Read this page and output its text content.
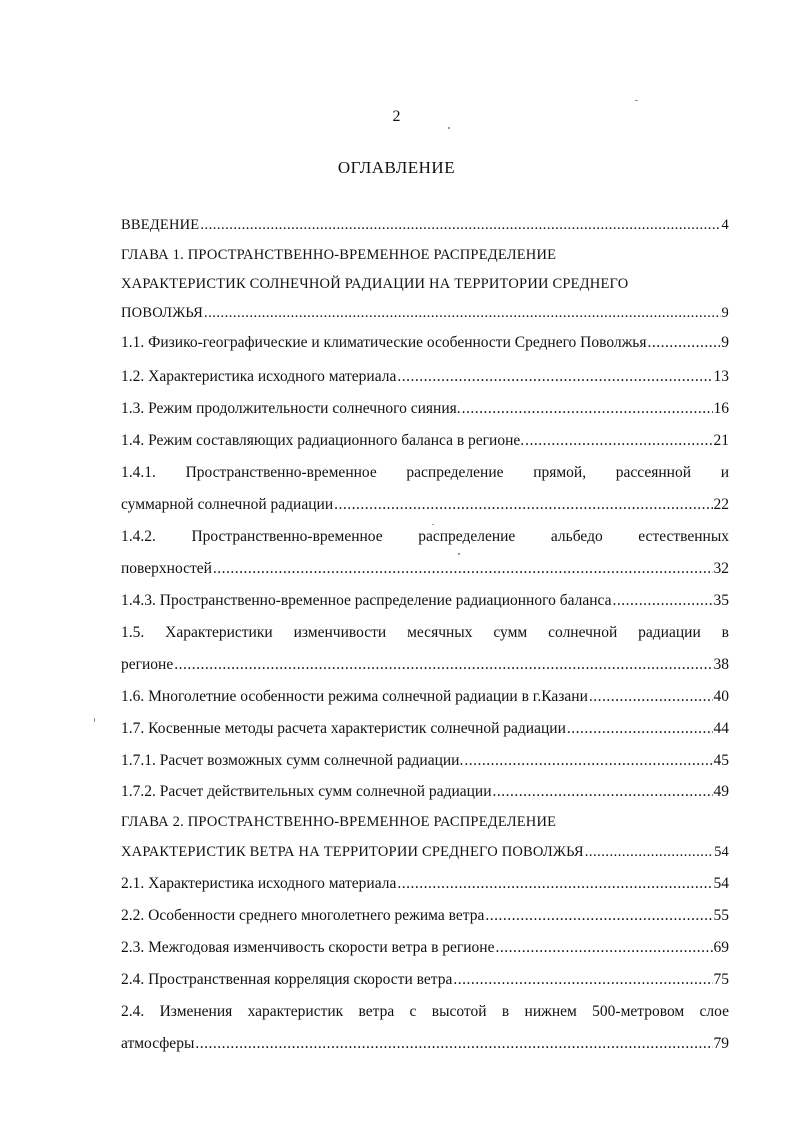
2
ОГЛАВЛЕНИЕ
ВВЕДЕНИЕ .....	4
ГЛАВА 1. ПРОСТРАНСТВЕННО-ВРЕМЕННОЕ РАСПРЕДЕЛЕНИЕ
ХАРАКТЕРИСТИК СОЛНЕЧНОЙ РАДИАЦИИ НА ТЕРРИТОРИИ СРЕДНЕГО
ПОВОЛЖЬЯ .....	9
1.1. Физико-географические и климатические особенности Среднего Поволжья .....	9
1.2. Характеристика исходного материала .....	13
1.3. Режим продолжительности солнечного сияния. .....	16
1.4. Режим составляющих радиационного баланса в регионе. .....	21
1.4.1. Пространственно-временное распределение прямой, рассеянной и
суммарной солнечной радиации .....	22
1.4.2. Пространственно-временное распределение альбедо естественных
поверхностей .....	32
1.4.3. Пространственно-временное распределение радиационного баланса .....	35
1.5. Характеристики изменчивости месячных сумм солнечной радиации в
регионе .....	38
1.6. Многолетние особенности режима солнечной радиации в г.Казани .....	40
1.7. Косвенные методы расчета характеристик солнечной радиации .....	44
1.7.1. Расчет возможных сумм солнечной радиации. .....	45
1.7.2. Расчет действительных сумм солнечной радиации .....	49
ГЛАВА 2. ПРОСТРАНСТВЕННО-ВРЕМЕННОЕ РАСПРЕДЕЛЕНИЕ
ХАРАКТЕРИСТИК ВЕТРА НА ТЕРРИТОРИИ СРЕДНЕГО ПОВОЛЖЬЯ .....	54
2.1. Характеристика исходного материала .....	54
2.2. Особенности среднего многолетнего режима ветра .....	55
2.3. Межгодовая изменчивость скорости ветра в регионе .....	69
2.4. Пространственная корреляция скорости ветра .....	75
2.4. Изменения характеристик ветра с высотой в нижнем 500-метровом слое
атмосферы .....	79
